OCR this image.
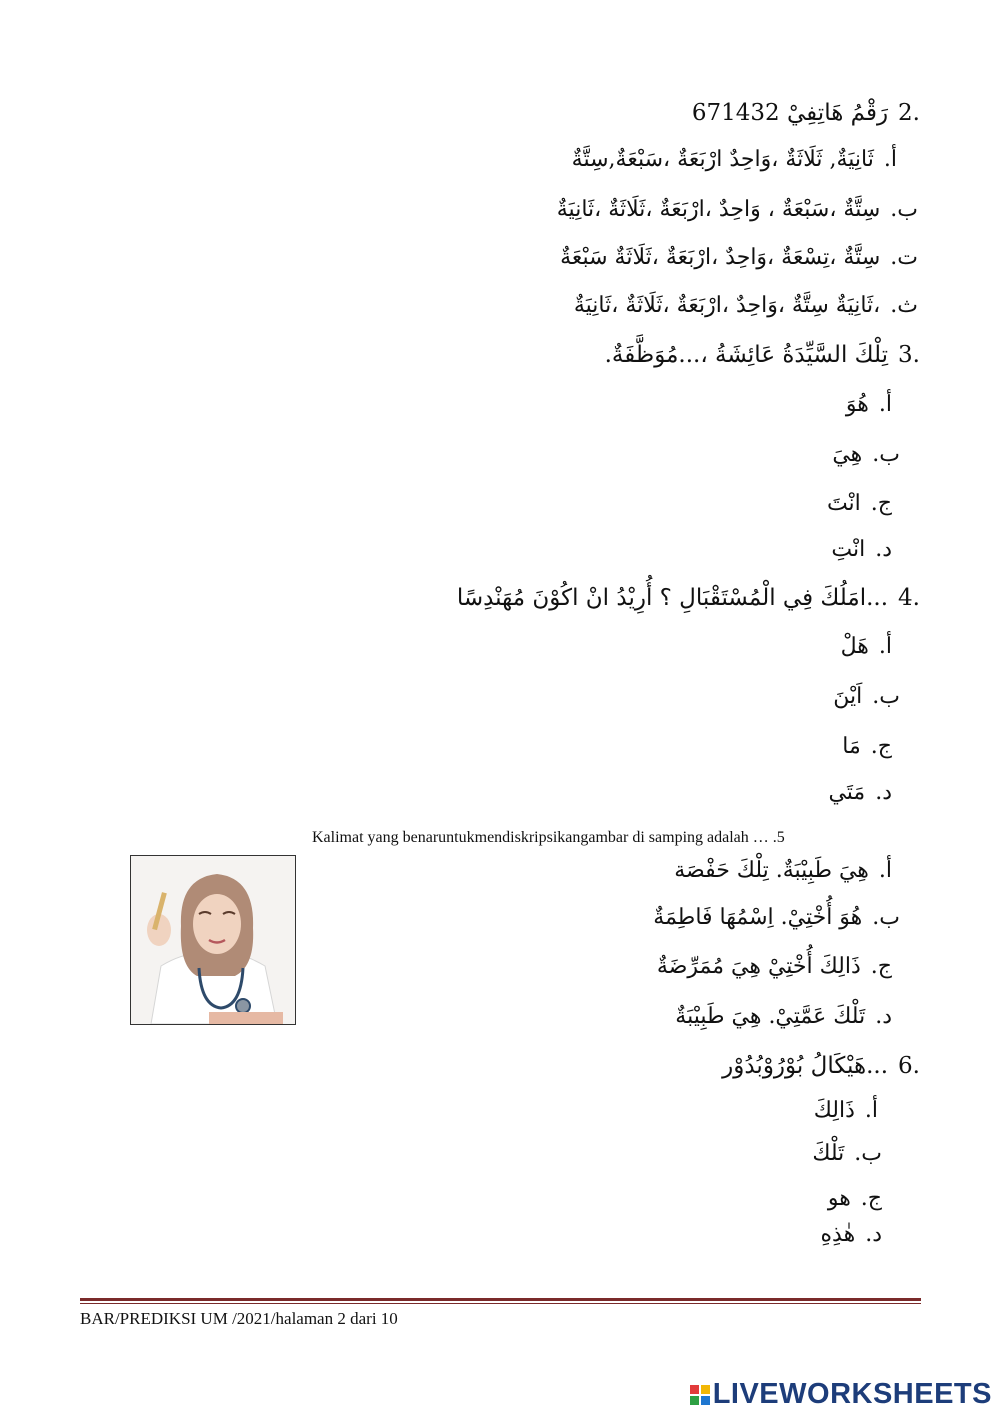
2.رَقْمُ هَاتِفِيْ 671432
أ.ثَانِيَةٌ, ثَلَاثَةٌ ،وَاحِدٌ ارْبَعَةٌ ،سَبْعَةٌ,سِتَّةٌ
ب.سِتَّةٌ ،سَبْعَةٌ ، وَاحِدٌ ،ارْبَعَةٌ ،ثَلَاثَةٌ ،ثَانِيَةٌ
ت.سِتَّةٌ ،تِسْعَةٌ ،وَاحِدٌ ،ارْبَعَةٌ ،ثَلَاثَةٌ سَبْعَةٌ
ث.،ثَانِيَةٌ سِتَّةٌ ،وَاحِدٌ ،ارْبَعَةٌ ،ثَلَاثَةٌ ،ثَانِيَةٌ
3.تِلْكَ السَّيِّدَةُ عَائِشَةُ ،...مُوَظَّفَةٌ.
أ.هُوَ
ب.هِيَ
ج.انْتَ
د.انْتِ
4....امَلُكَ فِي الْمُسْتَقْبَالِ ؟ أُرِيْدُ انْ اكُوْنَ مُهَنْدِسًا
أ.هَلْ
ب.اَيْنَ
ج.مَا
د.مَتَي
Kalimat yang benaruntukmendiskripsikangambar di samping adalah … .5
أ.هِيَ طَبِيْبَةٌ. تِلْكَ حَفْصَة
ب.هُوَ أُخْتِيْ. اِسْمُهَا فَاطِمَةٌ
ج.ذَالِكَ أُخْتِيْ هِيَ مُمَرِّضَةٌ
د.تَلْكَ عَمَّتِيْ. هِيَ طَبِيْبَةٌ
6....هَيْكَالُ بُوْرُوْبُدُوْر
أ.ذَالِكَ
ب.تَلْكَ
ج.هو
د.هٰذِهِ
BAR/PREDIKSI UM /2021/halaman 2 dari 10
LIVEWORKSHEETS
